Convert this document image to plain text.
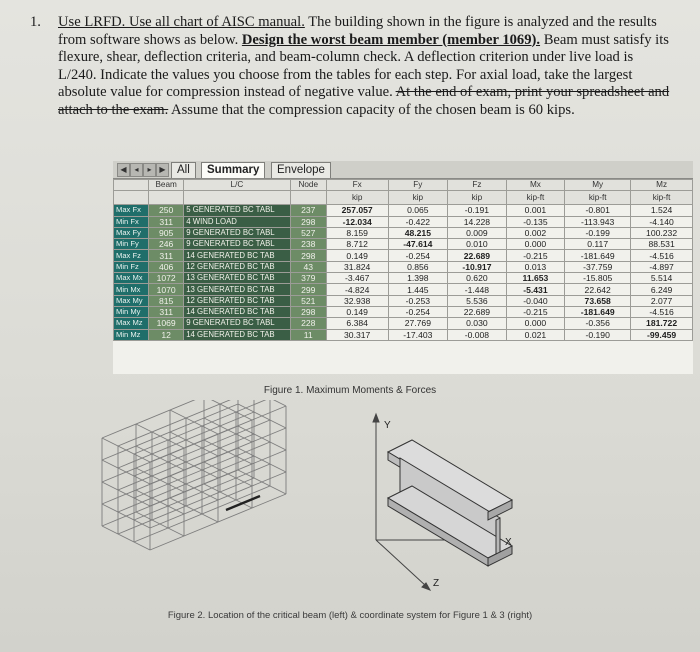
1. Use LRFD. Use all chart of AISC manual. The building shown in the figure is analyzed and the results from software shows as below. Design the worst beam member (member 1069). Beam must satisfy its flexure, shear, deflection criteria, and beam-column check. A deflection criterion under live load is L/240. Indicate the values you choose from the tables for each step. For axial load, take the largest absolute value for compression instead of negative value. At the end of exam, print your spreadsheet and attach to the exam. Assume that the compression capacity of the chosen beam is 60 kips.
◀ ◂	▸ ▶ All	Summary	Envelope
	Beam	L/C	Node	Fx	Fy	Fz	Mx	My	Mz
				kip	kip	kip	kip-ft	kip-ft	kip-ft
Max Fx	250	5 GENERATED BC TABL	237	257.057	0.065	-0.191	0.001	-0.801	1.524
Min Fx	311	4 WIND LOAD	298	-12.034	-0.422	14.228	-0.135	-113.943	-4.140
Max Fy	905	9 GENERATED BC TABL	527	8.159	48.215	0.009	0.002	-0.199	100.232
Min Fy	246	9 GENERATED BC TABL	238	8.712	-47.614	0.010	0.000	0.117	88.531
Max Fz	311	14 GENERATED BC TAB	298	0.149	-0.254	22.689	-0.215	-181.649	-4.516
Min Fz	406	12 GENERATED BC TAB	43	31.824	0.856	-10.917	0.013	-37.759	-4.897
Max Mx	1072	13 GENERATED BC TAB	379	-3.467	1.398	0.620	11.653	-15.805	5.514
Min Mx	1070	13 GENERATED BC TAB	299	-4.824	1.445	-1.448	-5.431	22.642	6.249
Max My	815	12 GENERATED BC TAB	521	32.938	-0.253	5.536	-0.040	73.658	2.077
Min My	311	14 GENERATED BC TAB	298	0.149	-0.254	22.689	-0.215	-181.649	-4.516
Max Mz	1069	9 GENERATED BC TABL	228	6.384	27.769	0.030	0.000	-0.356	181.722
Min Mz	12	14 GENERATED BC TAB	11	30.317	-17.403	-0.008	0.021	-0.190	-99.459
Figure 1. Maximum Moments & Forces
Y
X
Z
Figure 2. Location of the critical beam (left) & coordinate system for Figure 1 & 3 (right)
